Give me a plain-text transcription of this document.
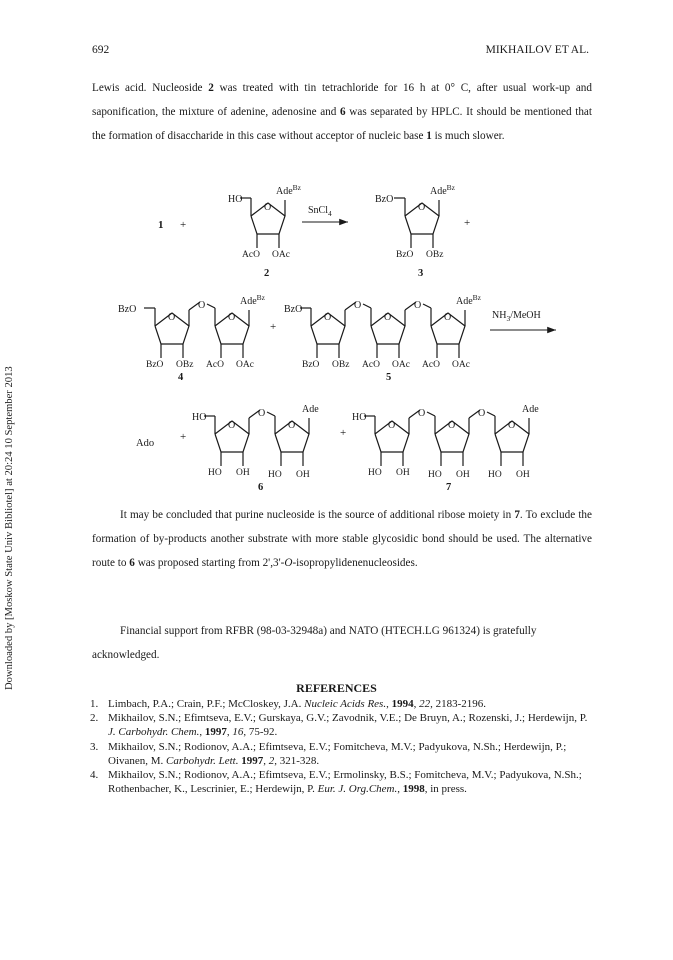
692	MIKHAILOV ET AL.
Downloaded by [Moskow State Univ Bibliotel] at 20:24 10 September 2013
Lewis acid. Nucleoside 2 was treated with tin tetrachloride for 16 h at 0° C, after usual work-up and saponification, the mixture of adenine, adenosine and 6 was separated by HPLC. It should be mentioned that the formation of disaccharide in this case without acceptor of nucleic base 1 is much slower.
1 +
O
HO
Ade$^{Bz}$
AcO OAc
2
SnCl$_4$
O
BzO
Ade$^{Bz}$
BzO OBz
+
3
O
BzO OBz
BzO	O
O
AcO OAc
Ade$^{Bz}$
+
4
O
BzO OBz
BzO	O
O
AcO OAc
O
O
AcO OAc
Ade$^{Bz}$
5
$NH_3$/MeOH
Ado
+
O
HO OH
HO	O
O
HO OH
Ade
6
+
O
HO OH
HO	O
O
HO OH
O
O
HO OH
Ade
7
It may be concluded that purine nucleoside is the source of additional ribose moiety in 7. To exclude the formation of by-products another substrate with more stable glycosidic bond should be used. The alternative route to 6 was proposed starting from 2',3'-O-isopropylidenenucleosides.
Financial support from RFBR (98-03-32948a) and NATO (HTECH.LG 961324) is gratefully acknowledged.
REFERENCES
1. Limbach, P.A.; Crain, P.F.; McCloskey, J.A. Nucleic Acids Res., 1994, 22, 2183-2196.
2. Mikhailov, S.N.; Efimtseva, E.V.; Gurskaya, G.V.; Zavodnik, V.E.; De Bruyn, A.; Rozenski, J.; Herdewijn, P. J. Carbohydr. Chem., 1997, 16, 75-92.
3. Mikhailov, S.N.; Rodionov, A.A.; Efimtseva, E.V.; Fomitcheva, M.V.; Padyukova, N.Sh.; Herdewijn, P.; Oivanen, M. Carbohydr. Lett. 1997, 2, 321-328.
4. Mikhailov, S.N.; Rodionov, A.A.; Efimtseva, E.V.; Ermolinsky, B.S.; Fomitcheva, M.V.; Padyukova, N.Sh.; Rothenbacher, K., Lescrinier, E.; Herdewijn, P. Eur. J. Org.Chem., 1998, in press.
